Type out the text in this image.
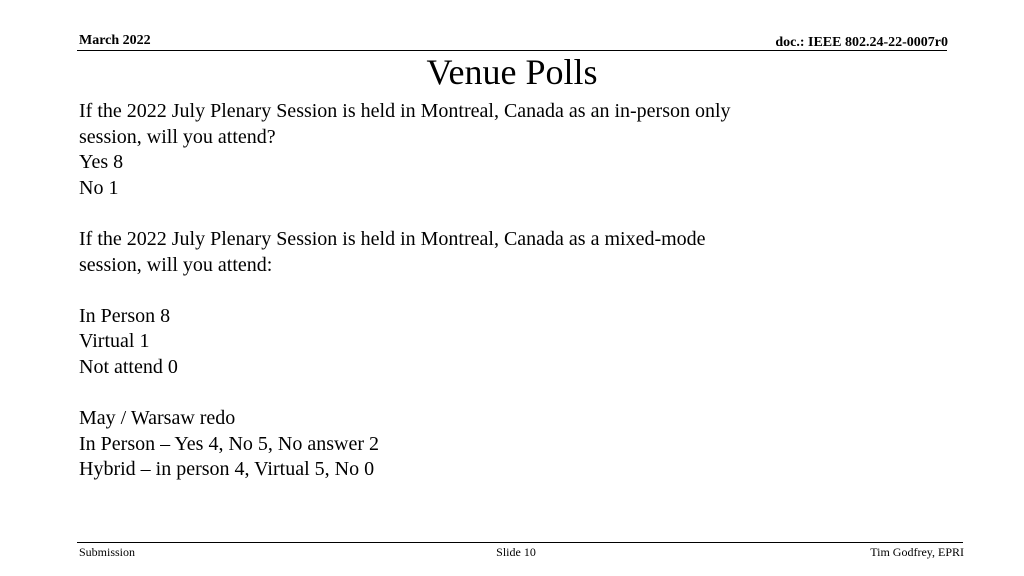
March 2022	doc.: IEEE 802.24-22-0007r0
Venue Polls
If the 2022 July Plenary Session is held in Montreal, Canada as an in-person only
session, will you attend?
Yes 8
No 1
If the 2022 July Plenary Session is held in Montreal, Canada as a mixed-mode
session, will you attend:
In Person 8
Virtual 1
Not attend 0
May / Warsaw redo
In Person – Yes 4, No 5, No answer 2
Hybrid – in person 4, Virtual 5, No 0
Submission	Slide 10	Tim Godfrey, EPRI
